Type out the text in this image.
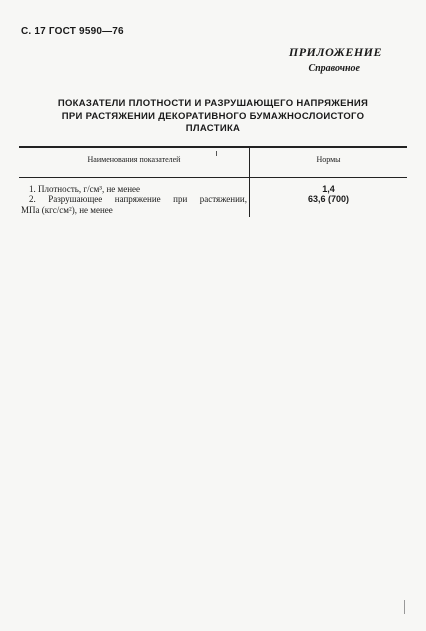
С. 17 ГОСТ 9590—76
ПРИЛОЖЕНИЕ
Справочное
ПОКАЗАТЕЛИ ПЛОТНОСТИ И РАЗРУШАЮЩЕГО НАПРЯЖЕНИЯ
ПРИ РАСТЯЖЕНИИ ДЕКОРАТИВНОГО БУМАЖНОСЛОИСТОГО
ПЛАСТИКА
Наименования показателей	Нормы
1. Плотность, г/см³, не менее	1,4
2. Разрушающее напряжение при растяжении,
МПа (кгс/см²), не менее
63,6 (700)
